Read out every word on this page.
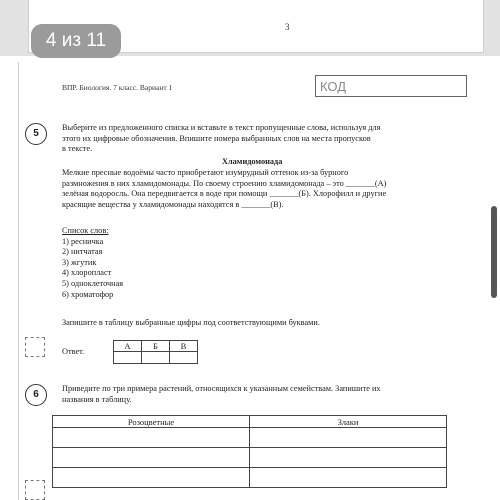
3
4 из 11
ВПР. Биология. 7 класс. Вариант 1	КОД
5
Выберите из предложенного списка и вставьте в текст пропущенные слова, используя для
этого их цифровые обозначения. Впишите номера выбранных слов на места пропусков
в тексте.
Хламидомонада
Мелкие пресные водоёмы часто приобретают изумрудный оттенок из-за бурного
размножения в них хламидомонады. По своему строению хламидомонада – это _______(А)
зелёная водоросль. Она передвигается в воде при помощи _______(Б). Хлорофилл и другие
красящие вещества у хламидомонады находятся в _______(В).
Список слов:
1) ресничка
2) нитчатая
3) жгутик
4) хлоропласт
5) одноклеточная
6) хроматофор
Запишите в таблицу выбранные цифры под соответствующими буквами.
Ответ.
А	Б	В

6
Приведите по три примера растений, относящихся к указанным семействам. Запишите их
названия в таблицу.
Розоцветные	Злаки
